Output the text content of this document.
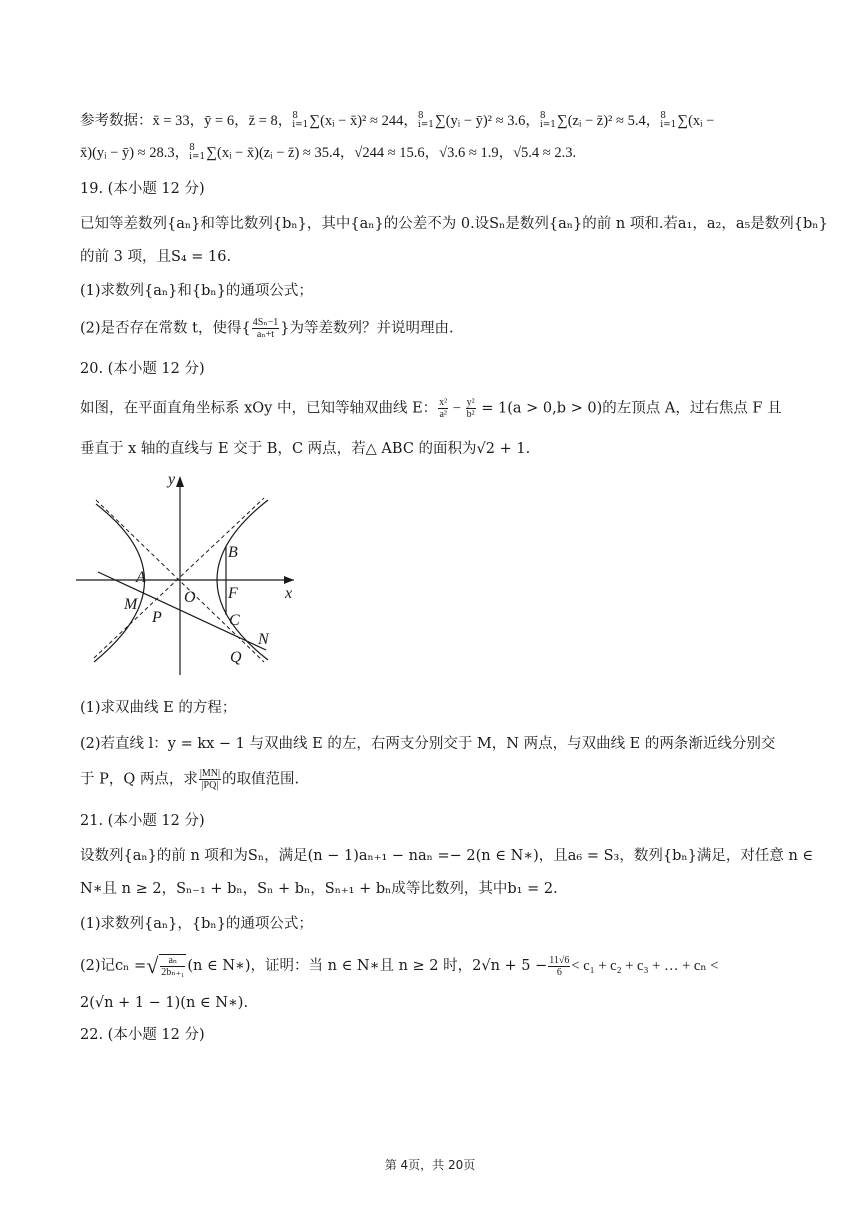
参考数据：x̄ = 33，ȳ = 6，z̄ = 8， 8
i=1 ∑(xᵢ − x̄)² ≈ 244， 8
i=1 ∑(yᵢ − ȳ)² ≈ 3.6， 8
i=1 ∑(zᵢ − z̄)² ≈ 5.4， 8
i=1 ∑(xᵢ −
x̄)(yᵢ − ȳ) ≈ 28.3， 8
i=1 ∑(xᵢ − x̄)(zᵢ − z̄) ≈ 35.4，√244 ≈ 15.6，√3.6 ≈ 1.9，√5.4 ≈ 2.3.
19. (本小题 12 分)
已知等差数列{aₙ}和等比数列{bₙ}，其中{aₙ}的公差不为 0.设Sₙ是数列{aₙ}的前 n 项和.若a₁，a₂，a₅是数列{bₙ}
的前 3 项，且S₄ = 16.
(1)求数列{aₙ}和{bₙ}的通项公式；
(2)是否存在常数 t，使得{ $\frac{\text{4Sₙ−1}}{\text{aₙ+t}}$ }为等差数列？并说明理由.
20. (本小题 12 分)
如图，在平面直角坐标系 xOy 中，已知等轴双曲线 E： $\frac{\text{x²}}{\text{a²}} - \frac{\text{y²}}{\text{b²}} = 1(a > 0,b > 0)$的左顶点 A，过右焦点 F 且
垂直于 x 轴的直线与 E 交于 B，C 两点，若△ ABC 的面积为√2 + 1.
y
x
A
M
P
O
B
F
C
N
Q
(1)求双曲线 E 的方程；
(2)若直线 l：y = kx − 1 与双曲线 E 的左，右两支分别交于 M，N 两点，与双曲线 E 的两条渐近线分别交
于 P，Q 两点，求 $\frac{|MN|}{|PQ|}$ 的取值范围.
21. (本小题 12 分)
设数列{aₙ}的前 n 项和为Sₙ，满足(n − 1)aₙ₊₁ − naₙ =− 2(n ∈ N∗)，且a₆ = S₃，数列{bₙ}满足，对任意 n ∈
N∗且 n ≥ 2，Sₙ₋₁ + bₙ，Sₙ + bₙ，Sₙ₊₁ + bₙ成等比数列，其中b₁ = 2.
(1)求数列{aₙ}，{bₙ}的通项公式；
(2)记cₙ =√ $\frac{\text{aₙ}}{\text{2bₙ₊₁}} (n$ ∈ N∗)，证明：当 n ∈ N∗且 n ≥ 2 时，$2√n + 5 - \frac{11√6}{6} < c_1 + c_2 + c_3$ + … + cₙ <
2(√n + 1 − 1)(n ∈ N∗).
22. (本小题 12 分)
第 4页，共 20页
